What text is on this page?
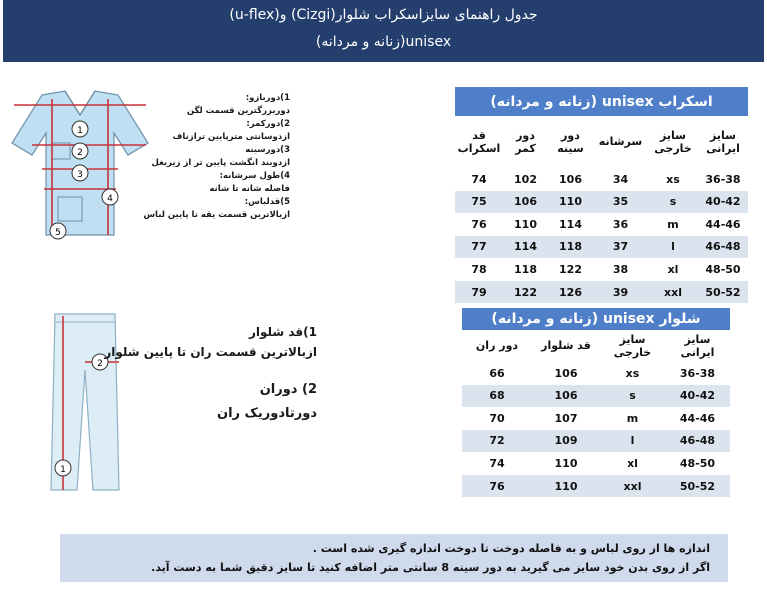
جدول راهنمای سایزاسکراب شلوار(Cizgi) و(u-flex)
unisex(زنانه و مردانه)
1
2
3
4
5
1)دوربازو:
دوربزرگترین قسمت لگن
2)دورکمر:
ازدوسانتی مترپایین ترازناف
3)دورسینه
ازدوبند انگشت پایین تر از زیربغل
4)طول سرشانه:
فاصله شانه تا شانه
5)قدلباس:
ازبالاترین قسمت یقه تا پایین لباس
اسکراب unisex (زنانه و مردانه)					
سایز ایرانی	سایز خارجی	سرشانه	دور سینه	دور کمر	قد اسکراب
36-38	xs	34	106	102	74
40-42	s	35	110	106	75
44-46	m	36	114	110	76
46-48	l	37	118	114	77
48-50	xl	38	122	118	78
50-52	xxl	39	126	122	79
2
1
1)قد شلوار
ازبالاترین قسمت ران تا پایین شلوار
2) دوران
دورتادوریک ران
شلوار unisex (زنانه و مردانه)			
سایز ایرانی	سایز خارجی	قد شلوار	دور ران
36-38	xs	106	66
40-42	s	106	68
44-46	m	107	70
46-48	l	109	72
48-50	xl	110	74
50-52	xxl	110	76
اندازه ها از روی لباس و به فاصله دوخت تا دوخت اندازه گیری شده است .
اگر از روی بدن خود سایز می گیرید به دور سینه 8 سانتی متر اضافه کنید تا سایز دقیق شما به دست آید.
